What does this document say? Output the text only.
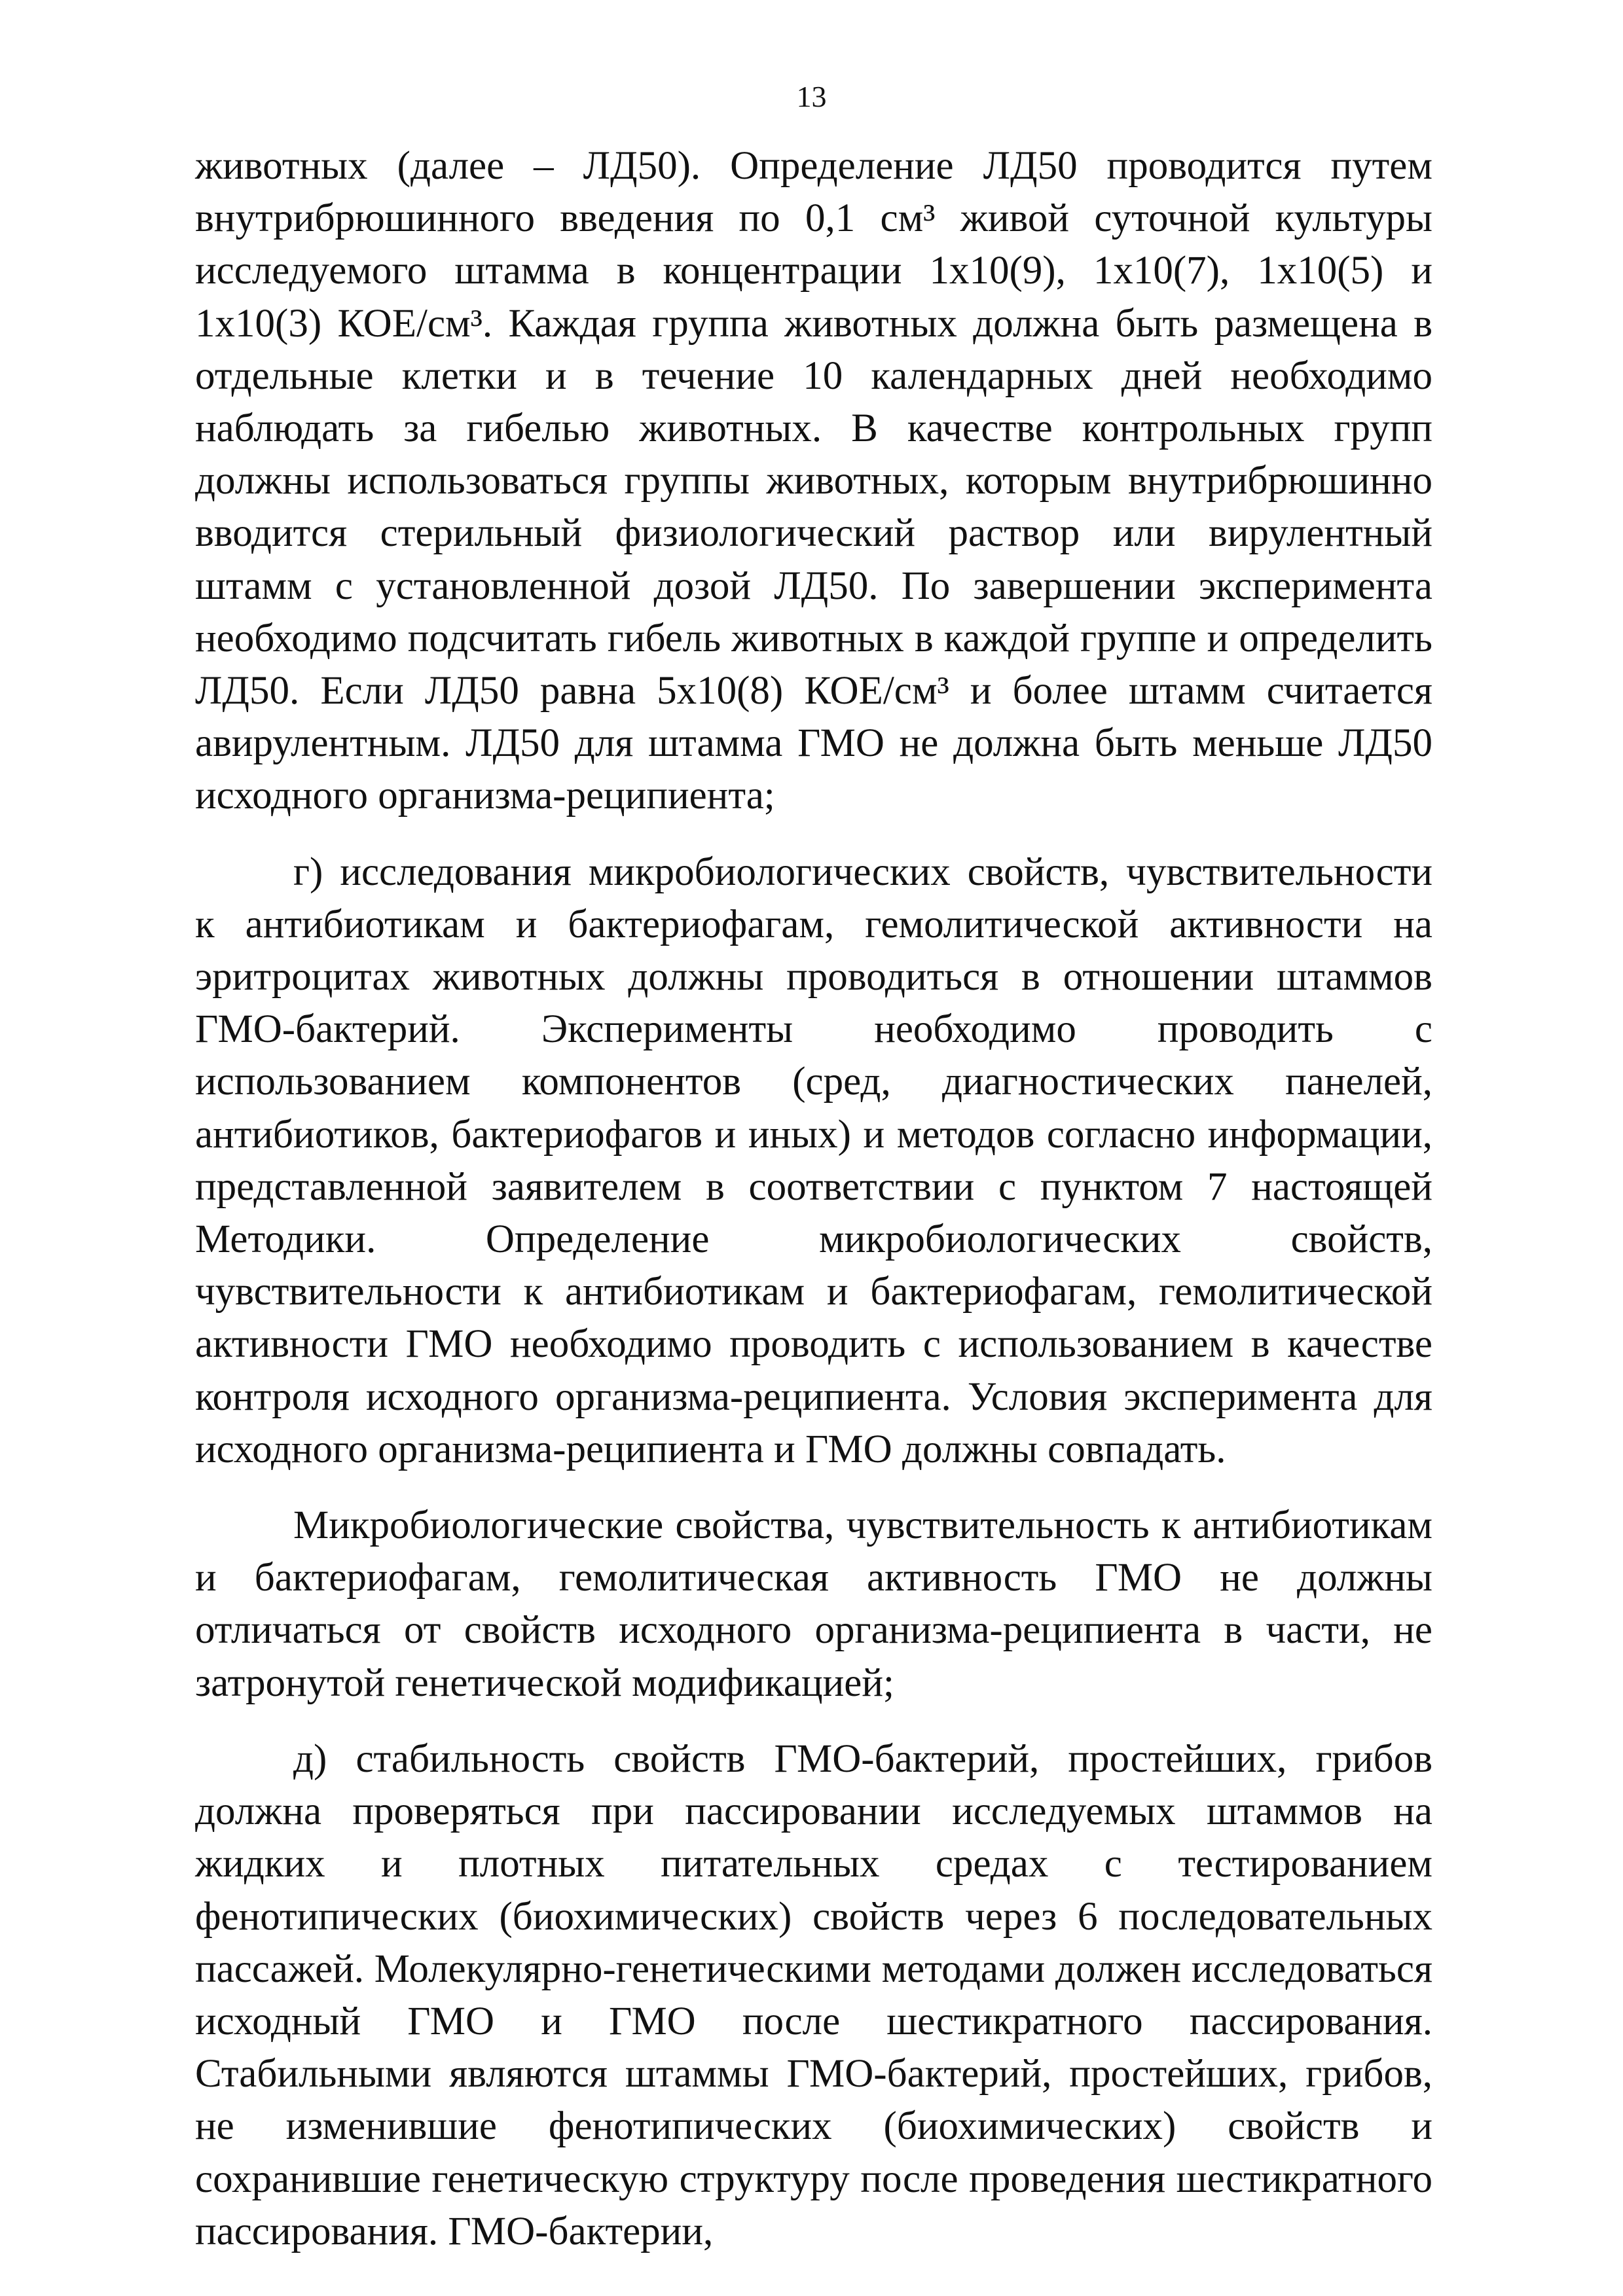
13

животных (далее – ЛД50). Определение ЛД50 проводится путем внутрибрюшинного введения по 0,1 см³ живой суточной культуры исследуемого штамма в концентрации 1х10(9), 1х10(7), 1х10(5) и 1х10(3) КОЕ/см³. Каждая группа животных должна быть размещена в отдельные клетки и в течение 10 календарных дней необходимо наблюдать за гибелью животных. В качестве контрольных групп должны использоваться группы животных, которым внутрибрюшинно вводится стерильный физиологический раствор или вирулентный штамм с установленной дозой ЛД50. По завершении эксперимента необходимо подсчитать гибель животных в каждой группе и определить ЛД50. Если ЛД50 равна 5х10(8) КОЕ/см³ и более штамм считается авирулентным. ЛД50 для штамма ГМО не должна быть меньше ЛД50 исходного организма-реципиента;

г) исследования микробиологических свойств, чувствительности к антибиотикам и бактериофагам, гемолитической активности на эритроцитах животных должны проводиться в отношении штаммов ГМО-бактерий. Эксперименты необходимо проводить с использованием компонентов (сред, диагностических панелей, антибиотиков, бактериофагов и иных) и методов согласно информации, представленной заявителем в соответствии с пунктом 7 настоящей Методики. Определение микробиологических свойств, чувствительности к антибиотикам и бактериофагам, гемолитической активности ГМО необходимо проводить с использованием в качестве контроля исходного организма-реципиента. Условия эксперимента для исходного организма-реципиента и ГМО должны совпадать.

Микробиологические свойства, чувствительность к антибиотикам и бактериофагам, гемолитическая активность ГМО не должны отличаться от свойств исходного организма-реципиента в части, не затронутой генетической модификацией;

д) стабильность свойств ГМО-бактерий, простейших, грибов должна проверяться при пассировании исследуемых штаммов на жидких и плотных питательных средах с тестированием фенотипических (биохимических) свойств через 6 последовательных пассажей. Молекулярно-генетическими методами должен исследоваться исходный ГМО и ГМО после шестикратного пассирования. Стабильными являются штаммы ГМО-бактерий, простейших, грибов, не изменившие фенотипических (биохимических) свойств и сохранившие генетическую структуру после проведения шестикратного пассирования. ГМО-бактерии,
